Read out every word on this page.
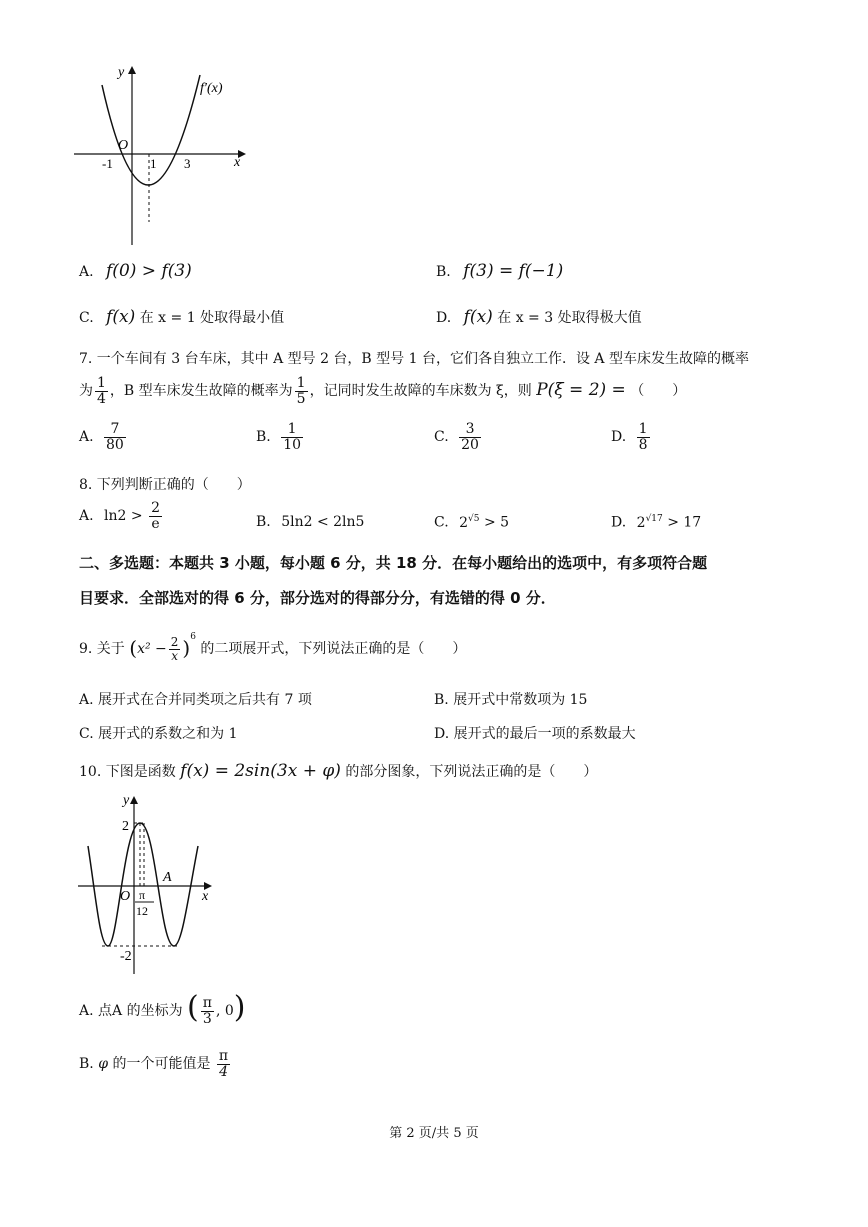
y
f′(x)
O
x
-1	1 3
A. f(0) > f(3)	B. f(3) = f(−1)
C. f(x) 在 x = 1 处取得最小值	D. f(x) 在 x = 3 处取得极大值
7. 一个车间有 3 台车床，其中 A 型号 2 台，B 型号 1 台，它们各自独立工作．设 A 型车床发生故障的概率
为 $\frac{1}{4}$ ，B 型车床发生故障的概率为 $\frac{1}{5}$ ，记同时发生故障的车床数为 ξ，则 P(ξ = 2) = （　　）
A. $\frac{7}{80}$	B. $\frac{1}{10}$	C. $\frac{3}{20}$	D. $\frac{1}{8}$
8. 下列判断正确的（　　）
A. $\ln 2 > \frac{2}{e}$	B. 5ln2 < 2ln5	C. $2^{√5} > 5$	D. $2^{√17} > 17$
二、多选题：本题共 3 小题，每小题 6 分，共 18 分．在每小题给出的选项中，有多项符合题
目要求．全部选对的得 6 分，部分选对的得部分分，有选错的得 0 分．
9. 关于 $(x^2 - \frac{2}{x} )^6$ 的二项展开式，下列说法正确的是（　　）
A. 展开式在合并同类项之后共有 7 项	B. 展开式中常数项为 15
C. 展开式的系数之和为 1	D. 展开式的最后一项的系数最大
10. 下图是函数 f(x) = 2sin(3x + φ) 的部分图象，下列说法正确的是（　　）
y
2
A
x
O π
12
-2
A. 点A 的坐标为 ( $\frac{\pi}{3}$ , 0)
B. φ 的一个可能值是 $\frac{\pi}{4}$
第 2 页/共 5 页
